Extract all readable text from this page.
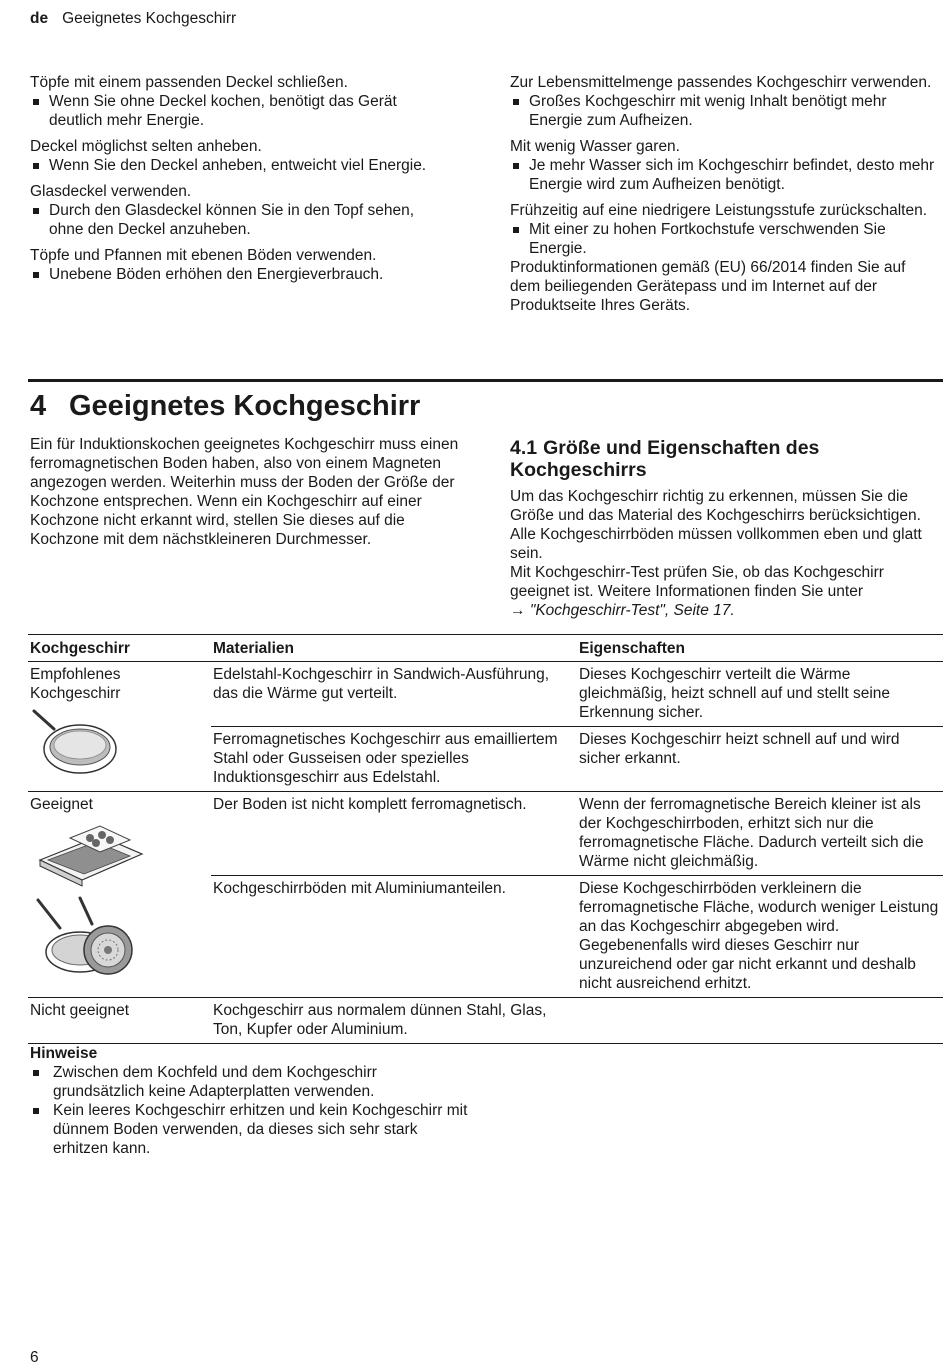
de Geeignetes Kochgeschirr

Töpfe mit einem passenden Deckel schließen.

Wenn Sie ohne Deckel kochen, benötigt das Gerät deutlich mehr Energie.

Deckel möglichst selten anheben.

Wenn Sie den Deckel anheben, entweicht viel Energie.

Glasdeckel verwenden.

Durch den Glasdeckel können Sie in den Topf sehen, ohne den Deckel anzuheben.

Töpfe und Pfannen mit ebenen Böden verwenden.

Unebene Böden erhöhen den Energieverbrauch.

Zur Lebensmittelmenge passendes Kochgeschirr verwenden.

Großes Kochgeschirr mit wenig Inhalt benötigt mehr Energie zum Aufheizen.

Mit wenig Wasser garen.

Je mehr Wasser sich im Kochgeschirr befindet, desto mehr Energie wird zum Aufheizen benötigt.

Frühzeitig auf eine niedrigere Leistungsstufe zurückschalten.

Mit einer zu hohen Fortkochstufe verschwenden Sie Energie.

Produktinformationen gemäß (EU) 66/2014 finden Sie auf dem beiliegenden Gerätepass und im Internet auf der Produktseite Ihres Geräts.

4 Geeignetes Kochgeschirr

Ein für Induktionskochen geeignetes Kochgeschirr muss einen ferromagnetischen Boden haben, also von einem Magneten angezogen werden. Weiterhin muss der Boden der Größe der Kochzone entsprechen. Wenn ein Kochgeschirr auf einer Kochzone nicht erkannt wird, stellen Sie dieses auf die Kochzone mit dem nächstkleineren Durchmesser.

4.1 Größe und Eigenschaften des Kochgeschirrs

Um das Kochgeschirr richtig zu erkennen, müssen Sie die Größe und das Material des Kochgeschirrs berücksichtigen. Alle Kochgeschirrböden müssen vollkommen eben und glatt sein.

Mit Kochgeschirr-Test prüfen Sie, ob das Kochgeschirr geeignet ist. Weitere Informationen finden Sie unter

→ "Kochgeschirr-Test", Seite 17.

Kochgeschirr	Materialien	Eigenschaften

Empfohlenes Kochgeschirr	Edelstahl-Kochgeschirr in Sandwich-Ausführung, das die Wärme gut verteilt.	Dieses Kochgeschirr verteilt die Wärme gleichmäßig, heizt schnell auf und stellt seine Erkennung sicher.
	Ferromagnetisches Kochgeschirr aus emailliertem Stahl oder Gusseisen oder spezielles Induktionsgeschirr aus Edelstahl.	Dieses Kochgeschirr heizt schnell auf und wird sicher erkannt.

Geeignet	Der Boden ist nicht komplett ferromagnetisch.	Wenn der ferromagnetische Bereich kleiner ist als der Kochgeschirrboden, erhitzt sich nur die ferromagnetische Fläche. Dadurch verteilt sich die Wärme nicht gleichmäßig.
	Kochgeschirrböden mit Aluminiumanteilen.	Diese Kochgeschirrböden verkleinern die ferromagnetische Fläche, wodurch weniger Leistung an das Kochgeschirr abgegeben wird. Gegebenenfalls wird dieses Geschirr nur unzureichend oder gar nicht erkannt und deshalb nicht ausreichend erhitzt.
Nicht geeignet	Kochgeschirr aus normalem dünnen Stahl, Glas, Ton, Kupfer oder Aluminium.	

Hinweise

Zwischen dem Kochfeld und dem Kochgeschirr grundsätzlich keine Adapterplatten verwenden.

Kein leeres Kochgeschirr erhitzen und kein Kochgeschirr mit dünnem Boden verwenden, da dieses sich sehr stark erhitzen kann.

6
